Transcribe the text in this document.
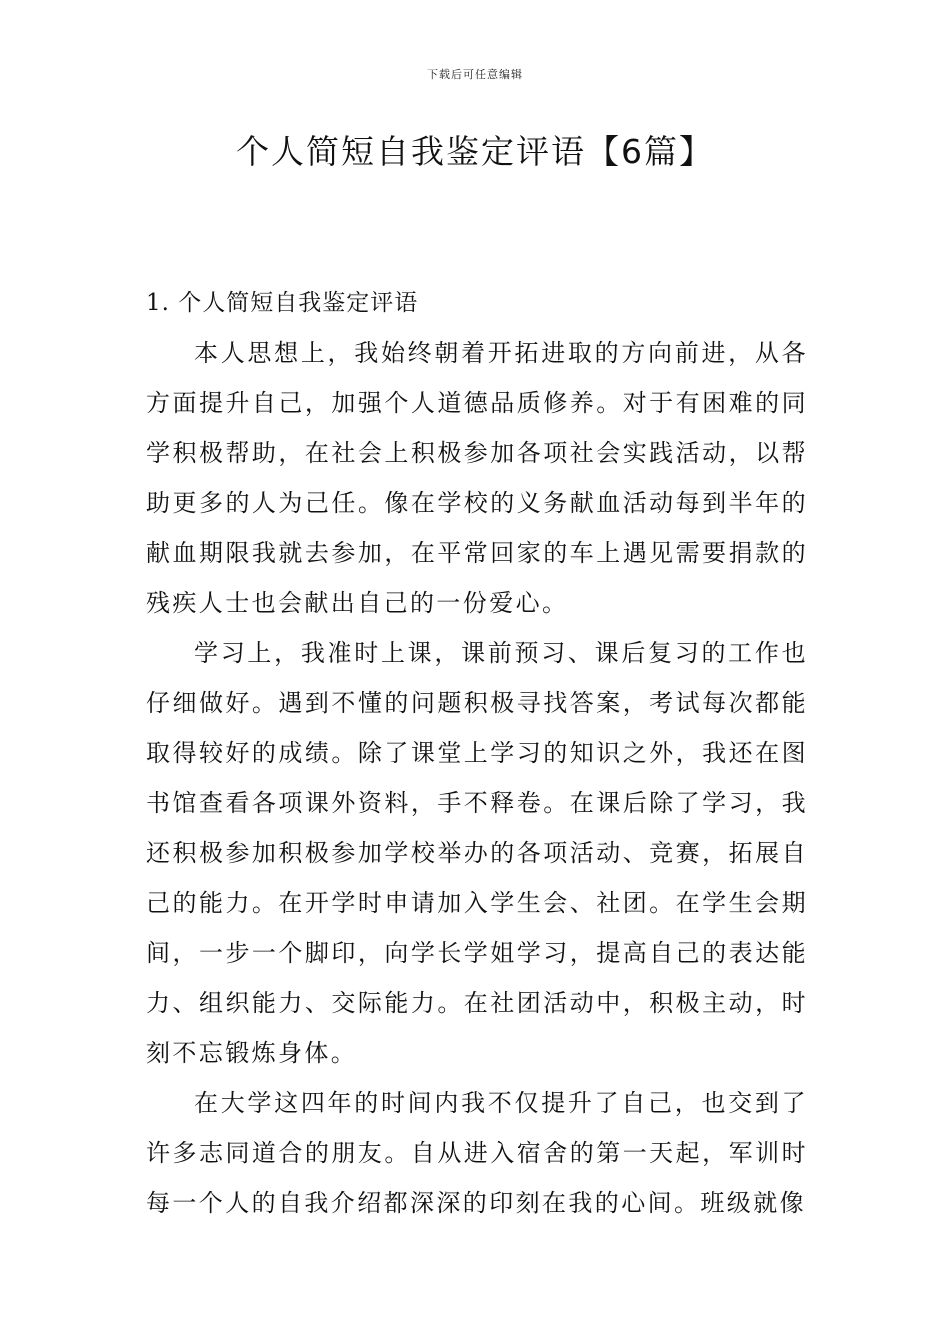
下载后可任意编辑
个人简短自我鉴定评语【6篇】

1. 个人简短自我鉴定评语

本人思想上，我始终朝着开拓进取的方向前进，从各方面提升自己，加强个人道德品质修养。对于有困难的同学积极帮助，在社会上积极参加各项社会实践活动，以帮助更多的人为己任。像在学校的义务献血活动每到半年的献血期限我就去参加，在平常回家的车上遇见需要捐款的残疾人士也会献出自己的一份爱心。

学习上，我准时上课，课前预习、课后复习的工作也仔细做好。遇到不懂的问题积极寻找答案，考试每次都能取得较好的成绩。除了课堂上学习的知识之外，我还在图书馆查看各项课外资料，手不释卷。在课后除了学习，我还积极参加积极参加学校举办的各项活动、竞赛，拓展自己的能力。在开学时申请加入学生会、社团。在学生会期间，一步一个脚印，向学长学姐学习，提高自己的表达能力、组织能力、交际能力。在社团活动中，积极主动，时刻不忘锻炼身体。

在大学这四年的时间内我不仅提升了自己，也交到了许多志同道合的朋友。自从进入宿舍的第一天起，军训时每一个人的自我介绍都深深的印刻在我的心间。班级就像
